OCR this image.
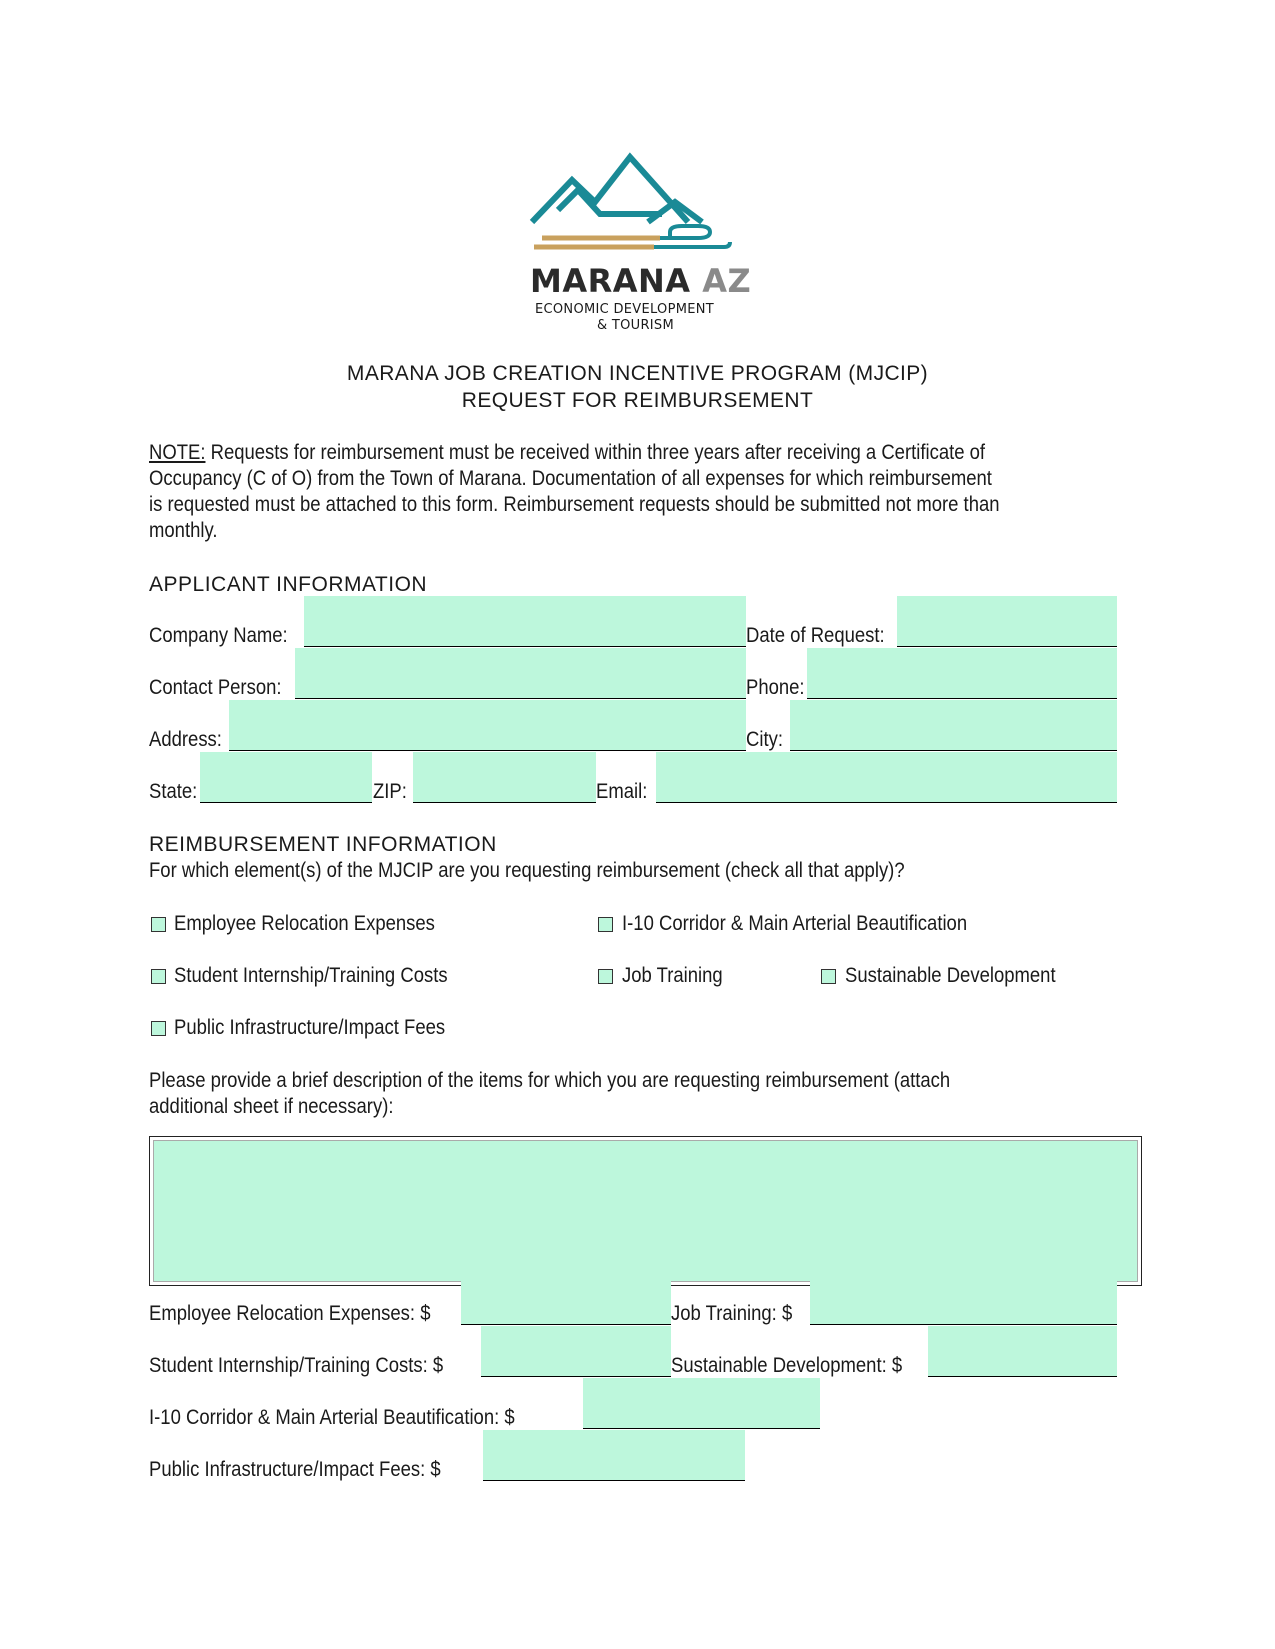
MARANA AZ
ECONOMIC DEVELOPMENT
& TOURISM
MARANA JOB CREATION INCENTIVE PROGRAM (MJCIP)
REQUEST FOR REIMBURSEMENT
NOTE: Requests for reimbursement must be received within three years after receiving a Certificate of
Occupancy (C of O) from the Town of Marana. Documentation of all expenses for which reimbursement
is requested must be attached to this form. Reimbursement requests should be submitted not more than
monthly.
APPLICANT INFORMATION
Company Name:	Date of Request:
Contact Person:	Phone:
Address:	City:
State:	ZIP:	Email:
REIMBURSEMENT INFORMATION
For which element(s) of the MJCIP are you requesting reimbursement (check all that apply)?
Employee Relocation Expenses	I-10 Corridor & Main Arterial Beautification
Student Internship/Training Costs	Job Training	Sustainable Development
Public Infrastructure/Impact Fees
Please provide a brief description of the items for which you are requesting reimbursement (attach
additional sheet if necessary):
Employee Relocation Expenses: $	Job Training: $
Student Internship/Training Costs: $	Sustainable Development: $
I-10 Corridor & Main Arterial Beautification: $
Public Infrastructure/Impact Fees: $
